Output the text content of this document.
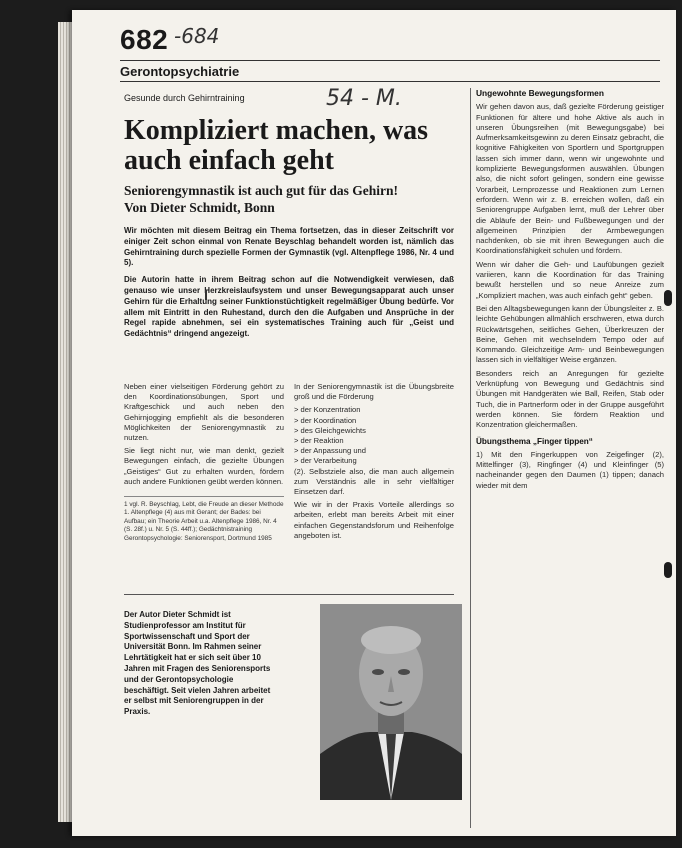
682 -684
Gerontopsychiatrie
Gesunde durch Gehirntraining	54 - M.
Kompliziert machen, was auch einfach geht
Seniorengymnastik ist auch gut für das Gehirn!
Von Dieter Schmidt, Bonn

Wir möchten mit diesem Beitrag ein Thema fortsetzen, das in dieser Zeitschrift vor einiger Zeit schon einmal von Renate Beyschlag behandelt worden ist, nämlich das Gehirntraining durch spezielle Formen der Gymnastik (vgl. Altenpflege 1986, Nr. 4 und 5).

Die Autorin hatte in ihrem Beitrag schon auf die Notwendigkeit verwiesen, daß genauso wie unser Herzkreislaufsystem und unser Bewegungsapparat auch unser Gehirn für die Erhaltung seiner Funktionstüchtigkeit regelmäßiger Übung bedürfe. Vor allem mit Eintritt in den Ruhestand, durch den die Aufgaben und Ansprüche in der Regel rapide abnehmen, sei ein systematisches Training auch für „Geist und Gedächtnis“ dringend angezeigt.

Neben einer vielseitigen Förderung gehört zu den Koordinationsübungen, Sport und Kraftgeschick und auch neben den Gehirnjogging empfiehlt als die besonderen Möglichkeiten der Seniorengymnastik zu nutzen.

Sie liegt nicht nur, wie man denkt, gezielt Bewegungen einfach, die gezielte Übungen „Geistiges“ Gut zu erhalten wurden, fördern auch andere Funktionen geübt werden können.

In der Seniorengymnastik ist die Übungsbreite groß und die Förderung

> der Konzentration
> der Koordination
> des Gleichgewichts
> der Reaktion
> der Anpassung und
> der Verarbeitung

(2). Selbstziele also, die man auch allgemein zum Verständnis alle in sehr vielfältiger Einsetzen darf.

Wie wir in der Praxis Vorteile allerdings so arbeiten, erlebt man bereits Arbeit mit einer einfachen Gegenstandsforum und Reihenfolge angeboten ist.

1 vgl. R. Beyschlag, Lebt, die Freude an dieser Methode 1. Altenpflege (4) aus mit Gerant; der Bades: bei Aufbau; ein Theorie Arbeit u.a. Altenpflege 1986, Nr. 4 (S. 28f.) u. Nr. 5 (S. 44ff.); Gedächtnistraining Gerontopsychologie: Seniorensport, Dortmund 1985
Der Autor Dieter Schmidt ist Studienprofessor am Institut für Sportwissenschaft und Sport der Universität Bonn. Im Rahmen seiner Lehrtätigkeit hat er sich seit über 10 Jahren mit Fragen des Seniorensports und der Gerontopsychologie beschäftigt. Seit vielen Jahren arbeitet er selbst mit Seniorengruppen in der Praxis.
Ungewohnte Bewegungsformen

Wir gehen davon aus, daß gezielte Förderung geistiger Funktionen für ältere und hohe Aktive als auch in unseren Übungsreihen (mit Bewegungsgabe) bei Aufmerksamkeitsgewinn zu deren Einsatz gebracht, die kognitive Fähigkeiten von Sportlern und Sportgruppen lassen sich immer dann, wenn wir ungewohnte und komplizierte Bewegungsformen auswählen. Übungen also, die nicht sofort gelingen, sondern eine gewisse Vorarbeit, Lernprozesse und Reaktionen zum Lernen erfordern. Wenn wir z. B. erreichen wollen, daß ein Seniorengruppe Aufgaben lernt, muß der Lehrer über die Abläufe der Bein- und Fußbewegungen und der allgemeinen Prinzipien der Armbewegungen nachdenken, ob sie mit ihren Bewegungen auch die Koordinationsfähigkeit schulen und fördern.

Wenn wir daher die Geh- und Laufübungen gezielt variieren, kann die Koordination für das Training bewußt herstellen und so neue Anreize zum „Kompliziert machen, was auch einfach geht“ geben.

Bei den Alltagsbewegungen kann der Übungsleiter z. B. leichte Gehübungen allmählich erschweren, etwa durch Rückwärtsgehen, seitliches Gehen, Überkreuzen der Beine, Gehen mit wechselndem Tempo oder auf Kommando. Gleichzeitige Arm- und Beinbewegungen lassen sich in vielfältiger Weise ergänzen.

Besonders reich an Anregungen für gezielte Verknüpfung von Bewegung und Gedächtnis sind Übungen mit Handgeräten wie Ball, Reifen, Stab oder Tuch, die in Partnerform oder in der Gruppe ausgeführt werden können. Sie fördern Reaktion und Konzentration gleichermaßen.

Übungsthema „Finger tippen“

1) Mit den Fingerkuppen von Zeigefinger (2), Mittelfinger (3), Ringfinger (4) und Kleinfinger (5) nacheinander gegen den Daumen (1) tippen; danach wieder mit dem
